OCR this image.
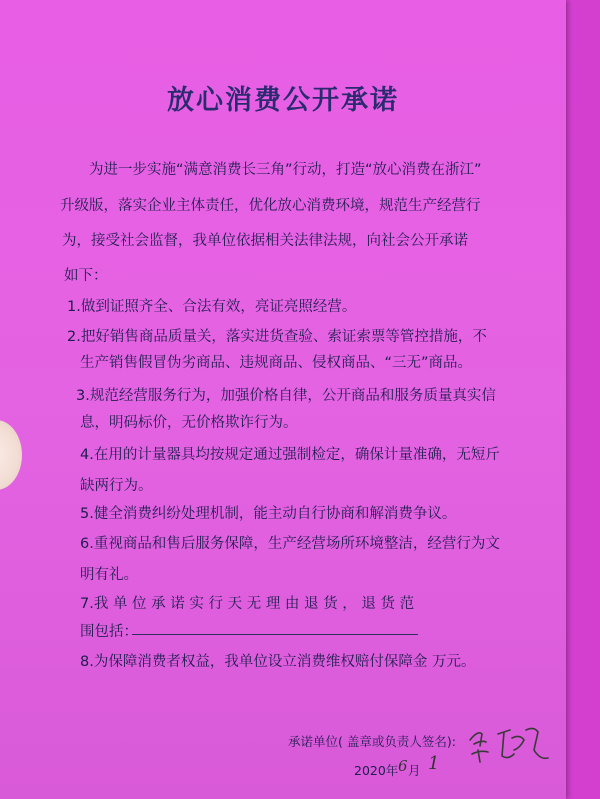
放心消费公开承诺
为进一步实施“满意消费长三角”行动，打造“放心消费在浙江”
升级版，落实企业主体责任，优化放心消费环境，规范生产经营行
为，接受社会监督，我单位依据相关法律法规，向社会公开承诺
如下：
1.做到证照齐全、合法有效，亮证亮照经营。
2.把好销售商品质量关，落实进货查验、索证索票等管控措施，不
生产销售假冒伪劣商品、违规商品、侵权商品、“三无”商品。
3.规范经营服务行为，加强价格自律，公开商品和服务质量真实信
息，明码标价，无价格欺诈行为。
4.在用的计量器具均按规定通过强制检定，确保计量准确，无短斤
缺两行为。
5.健全消费纠纷处理机制，能主动自行协商和解消费争议。
6.重视商品和售后服务保障，生产经营场所环境整洁，经营行为文
明有礼。
7.我 单 位 承 诺 实 行 天 无 理 由 退 货 ， 退 货 范
围包括：
8.为保障消费者权益，我单位设立消费维权赔付保障金 万元。
承诺单位( 盖章或负责人签名):
2020年 6 月 1
